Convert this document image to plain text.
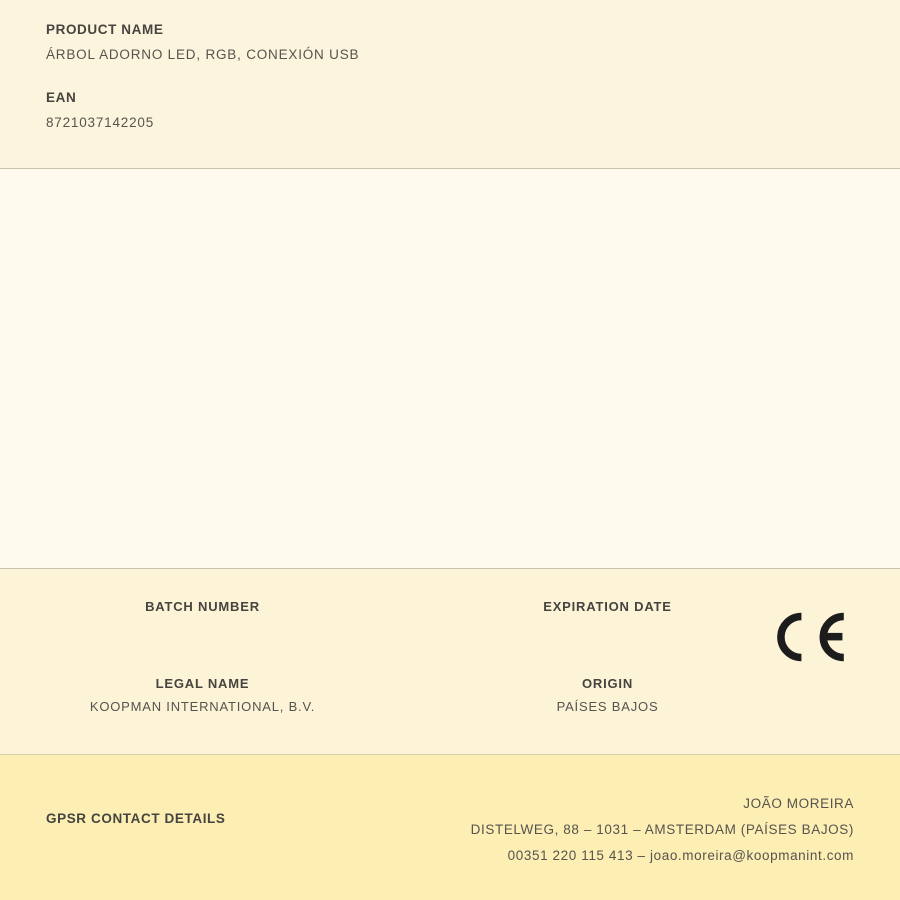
PRODUCT NAME
ÁRBOL ADORNO LED, RGB, CONEXIÓN USB
EAN
8721037142205
BATCH NUMBER	EXPIRATION DATE
LEGAL NAME
KOOPMAN INTERNATIONAL, B.V.
ORIGIN
PAÍSES BAJOS
GPSR CONTACT DETAILS
JOÃO MOREIRA
DISTELWEG, 88 – 1031 – AMSTERDAM (PAÍSES BAJOS)
00351 220 115 413 – joao.moreira@koopmanint.com
